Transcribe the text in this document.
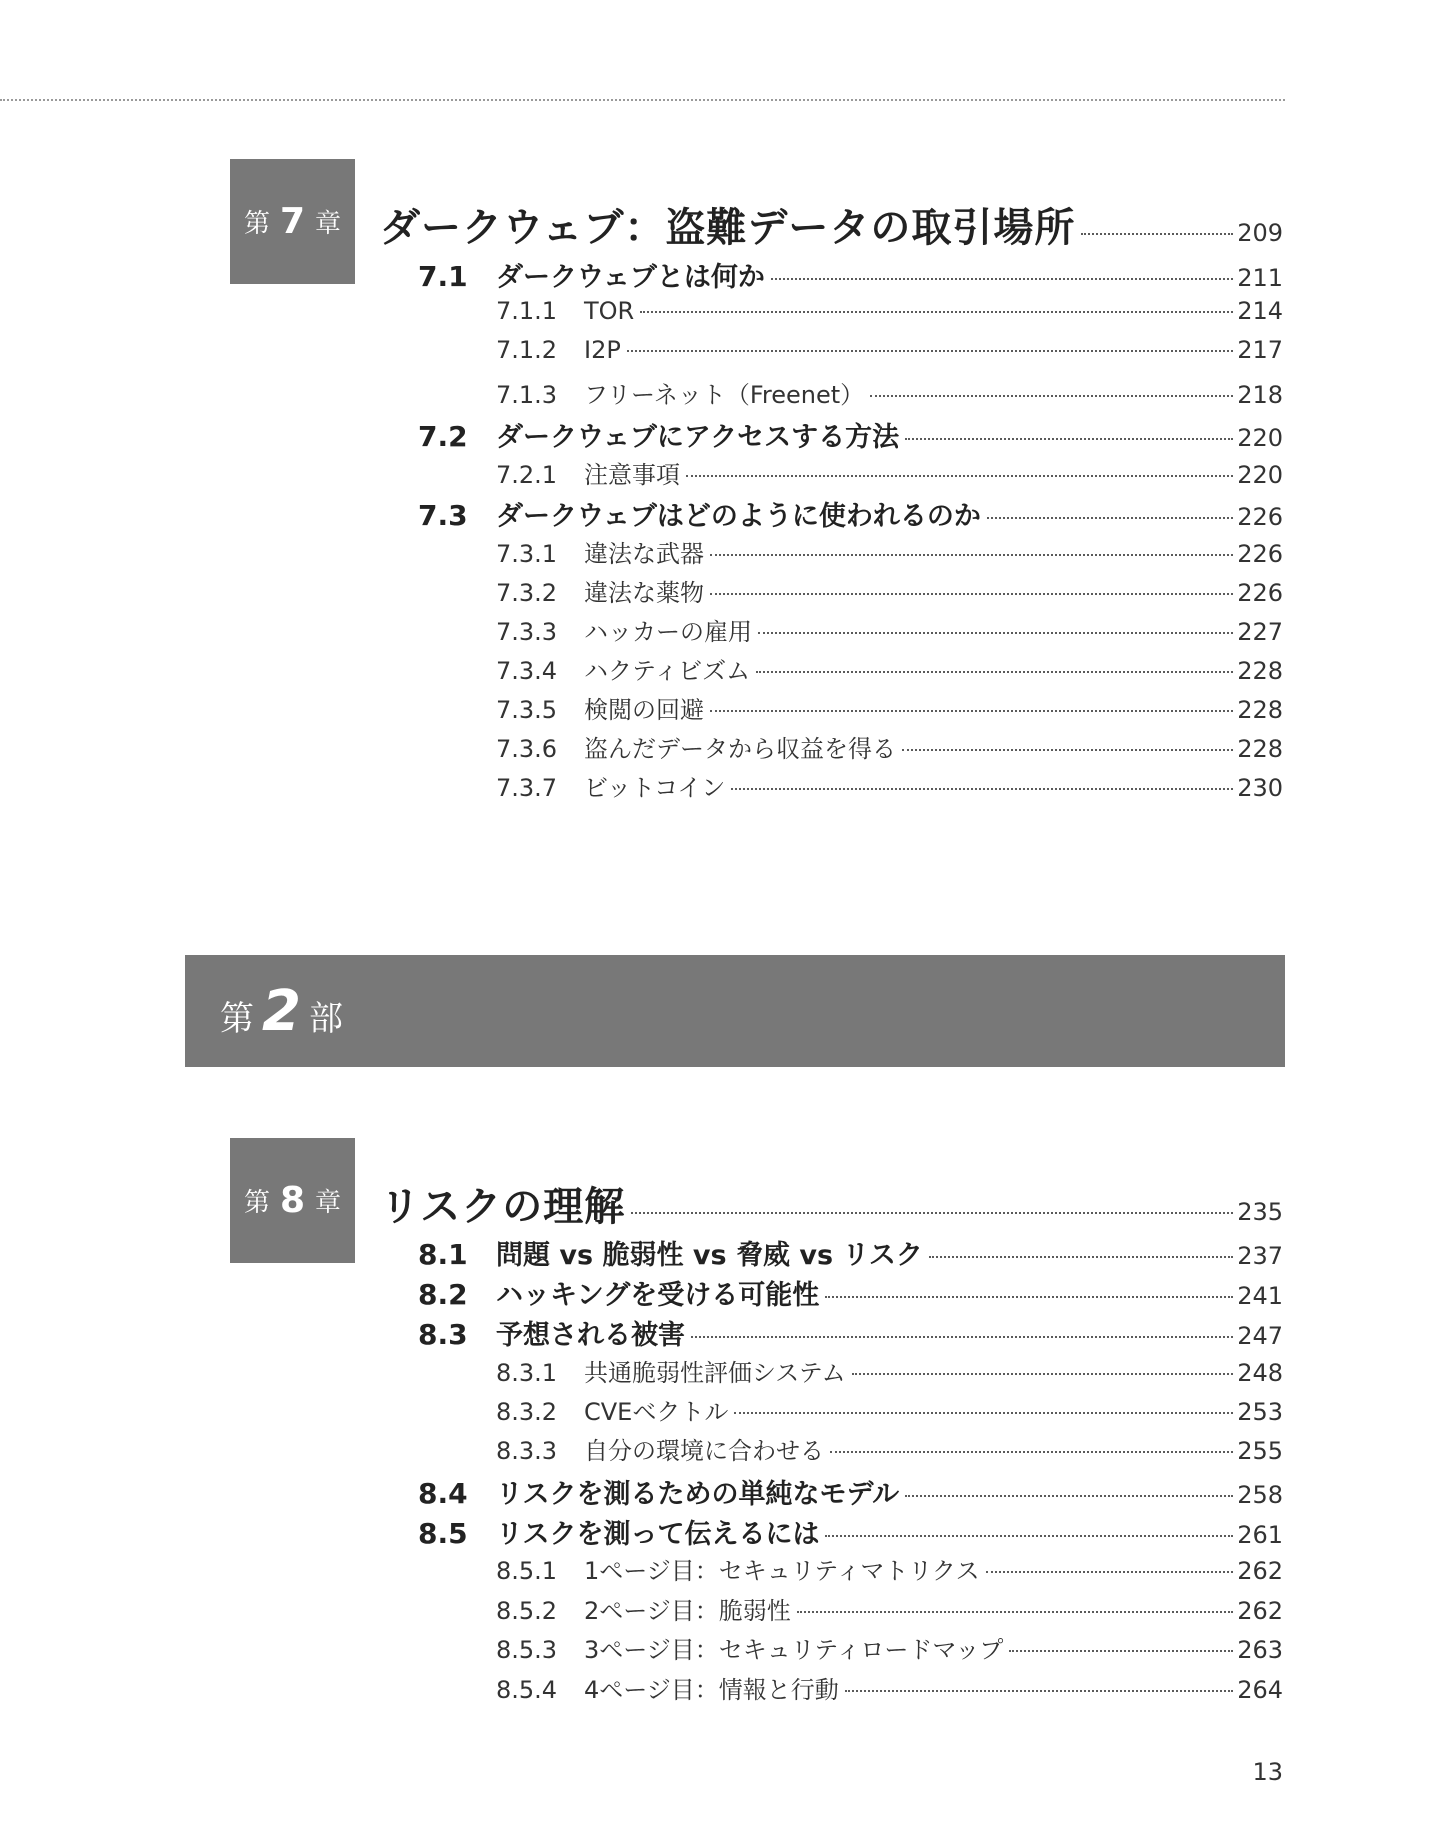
第 7 章 ダークウェブ：盗難データの取引場所	209
7.1	ダークウェブとは何か	211
7.1.1	TOR	214
7.1.2	I2P	217
7.1.3	フリーネット（Freenet）	218
7.2	ダークウェブにアクセスする方法	220
7.2.1	注意事項	220
7.3	ダークウェブはどのように使われるのか	226
7.3.1	違法な武器	226
7.3.2	違法な薬物	226
7.3.3	ハッカーの雇用	227
7.3.4	ハクティビズム	228
7.3.5	検閲の回避	228
7.3.6	盗んだデータから収益を得る	228
7.3.7	ビットコイン	230
第 2 部
第 8 章 リスクの理解	235
8.1	問題 vs 脆弱性 vs 脅威 vs リスク	237
8.2	ハッキングを受ける可能性	241
8.3	予想される被害	247
8.3.1	共通脆弱性評価システム	248
8.3.2	CVEベクトル	253
8.3.3	自分の環境に合わせる	255
8.4	リスクを測るための単純なモデル	258
8.5	リスクを測って伝えるには	261
8.5.1	1ページ目：セキュリティマトリクス	262
8.5.2	2ページ目：脆弱性	262
8.5.3	3ページ目：セキュリティロードマップ	263
8.5.4	4ページ目：情報と行動	264
13
